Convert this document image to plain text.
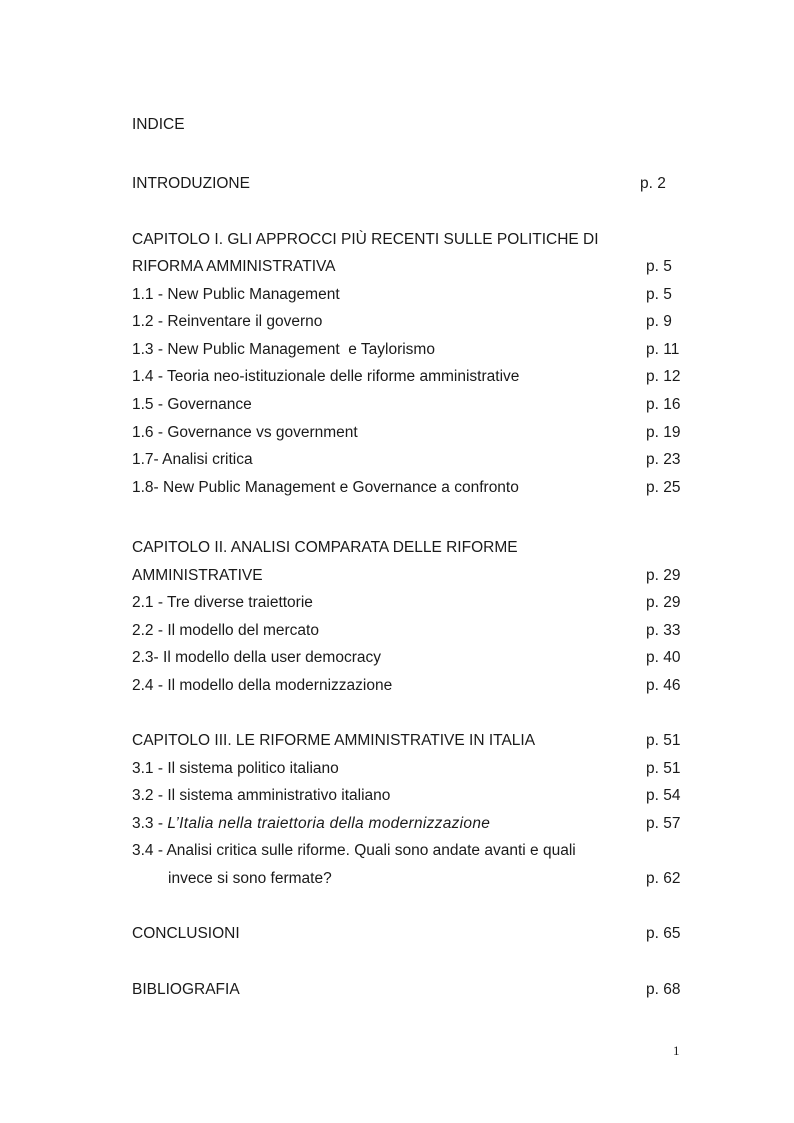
INDICE
INTRODUZIONE	p. 2
CAPITOLO I. GLI APPROCCI PIÙ RECENTI SULLE POLITICHE DI
RIFORMA AMMINISTRATIVA	p. 5
1.1 - New Public Management	p. 5
1.2 - Reinventare il governo	p. 9
1.3 - New Public Management  e Taylorismo	p. 11
1.4 - Teoria neo-istituzionale delle riforme amministrative	p. 12
1.5 - Governance	p. 16
1.6 - Governance vs government	p. 19
1.7- Analisi critica	p. 23
1.8- New Public Management e Governance a confronto	p. 25
CAPITOLO II. ANALISI COMPARATA DELLE RIFORME
AMMINISTRATIVE	p. 29
2.1 - Tre diverse traiettorie	p. 29
2.2 - Il modello del mercato	p. 33
2.3- Il modello della user democracy	p. 40
2.4 - Il modello della modernizzazione	p. 46
CAPITOLO III. LE RIFORME AMMINISTRATIVE IN ITALIA	p. 51
3.1 - Il sistema politico italiano	p. 51
3.2 - Il sistema amministrativo italiano	p. 54
3.3 - L’Italia nella traiettoria della modernizzazione	p. 57
3.4 - Analisi critica sulle riforme. Quali sono andate avanti e quali
invece si sono fermate?	p. 62
CONCLUSIONI	p. 65
BIBLIOGRAFIA	p. 68
1
